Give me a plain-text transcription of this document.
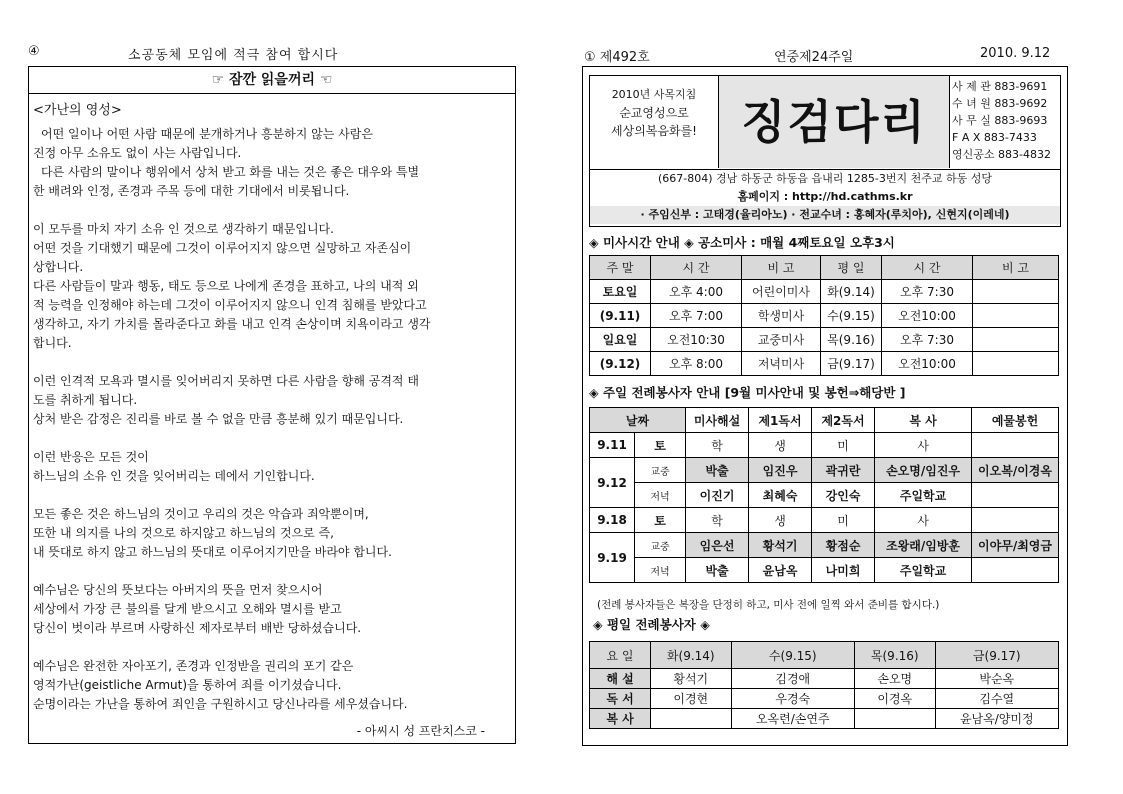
④	소공동체 모임에 적극 참여 합시다
☞ 잠깐 읽을꺼리 ☜
<가난의 영성>
어떤 일이나 어떤 사람 때문에 분개하거나 흥분하지 않는 사람은
진정 아무 소유도 없이 사는 사람입니다.
다른 사람의 말이나 행위에서 상처 받고 화를 내는 것은 좋은 대우와 특별
한 배려와 인정, 존경과 주목 등에 대한 기대에서 비롯됩니다.
이 모두를 마치 자기 소유 인 것으로 생각하기 때문입니다.
어떤 것을 기대했기 때문에 그것이 이루어지지 않으면 실망하고 자존심이
상합니다.
다른 사람들이 말과 행동, 태도 등으로 나에게 존경을 표하고, 나의 내적 외
적 능력을 인정해야 하는데 그것이 이루어지지 않으니 인격 침해를 받았다고
생각하고, 자기 가치를 몰라준다고 화를 내고 인격 손상이며 치욕이라고 생각
합니다.
이런 인격적 모욕과 멸시를 잊어버리지 못하면 다른 사람을 향해 공격적 태
도를 취하게 됩니다.
상처 받은 감정은 진리를 바로 볼 수 없을 만큼 흥분해 있기 때문입니다.
이런 반응은 모든 것이
하느님의 소유 인 것을 잊어버리는 데에서 기인합니다.
모든 좋은 것은 하느님의 것이고 우리의 것은 악습과 죄악뿐이며,
또한 내 의지를 나의 것으로 하지않고 하느님의 것으로 즉,
내 뜻대로 하지 않고 하느님의 뜻대로 이루어지기만을 바라야 합니다.
예수님은 당신의 뜻보다는 아버지의 뜻을 먼저 찾으시어
세상에서 가장 큰 불의를 달게 받으시고 오해와 멸시를 받고
당신이 벗이라 부르며 사랑하신 제자로부터 배반 당하셨습니다.
예수님은 완전한 자아포기, 존경과 인정받을 권리의 포기 같은
영적가난(geistliche Armut)을 통하여 죄를 이기셨습니다.
순명이라는 가난을 통하여 죄인을 구원하시고 당신나라를 세우셨습니다.
- 아씨시 성 프란치스코 -
① 제492호	연중제24주일	2010. 9.12
2010년 사목지침
순교영성으로
세상의복음화를! 징검다리
사 제 관 883-9691
수 녀 원 883-9692
사 무 실 883-9693
F A X 883-7433
영신공소 883-4832
(667-804) 경남 하동군 하동읍 읍내리 1285-3번지 천주교 하동 성당
홈페이지 : http://hd.cathms.kr
· 주임신부 : 고태경(율리아노) · 전교수녀 : 홍혜자(루치아), 신현지(이레네)
◈ 미사시간 안내 ◈ 공소미사 : 매월 4째토요일 오후3시
주 말	시 간	비 고	평 일	시 간	비 고
토요일	오후 4:00	어린이미사	화(9.14)	오후 7:30	
(9.11)	오후 7:00	학생미사	수(9.15)	오전10:00	
일요일	오전10:30	교중미사	목(9.16)	오후 7:30	
(9.12)	오후 8:00	저녁미사	금(9.17)	오전10:00	
◈ 주일 전례봉사자 안내 [9월 미사안내 및 봉헌⇒해당반 ]
날짜		미사해설	제1독서	제2독서	복 사	예물봉헌
9.11	토	학	생	미	사	
9.12	교중	박출	임진우	곽귀란	손오명/임진우	이오복/이경옥
	저녁	이진기	최혜숙	강인숙	주일학교	
9.18	토	학	생	미	사	
9.19	교중	임은선	황석기	황점순	조왕래/임방훈	이야무/최영금
	저녁	박출	윤남옥	나미희	주일학교	
(전례 봉사자들은 복장을 단정히 하고, 미사 전에 일찍 와서 준비를 합시다.)
◈ 평일 전례봉사자 ◈
요 일	화(9.14)	수(9.15)	목(9.16)	금(9.17)
해 설	황석기	김경애	손오명	박순옥
독 서	이경현	우경숙	이경옥	김수열
복 사		오옥련/손연주		윤남옥/양미정
